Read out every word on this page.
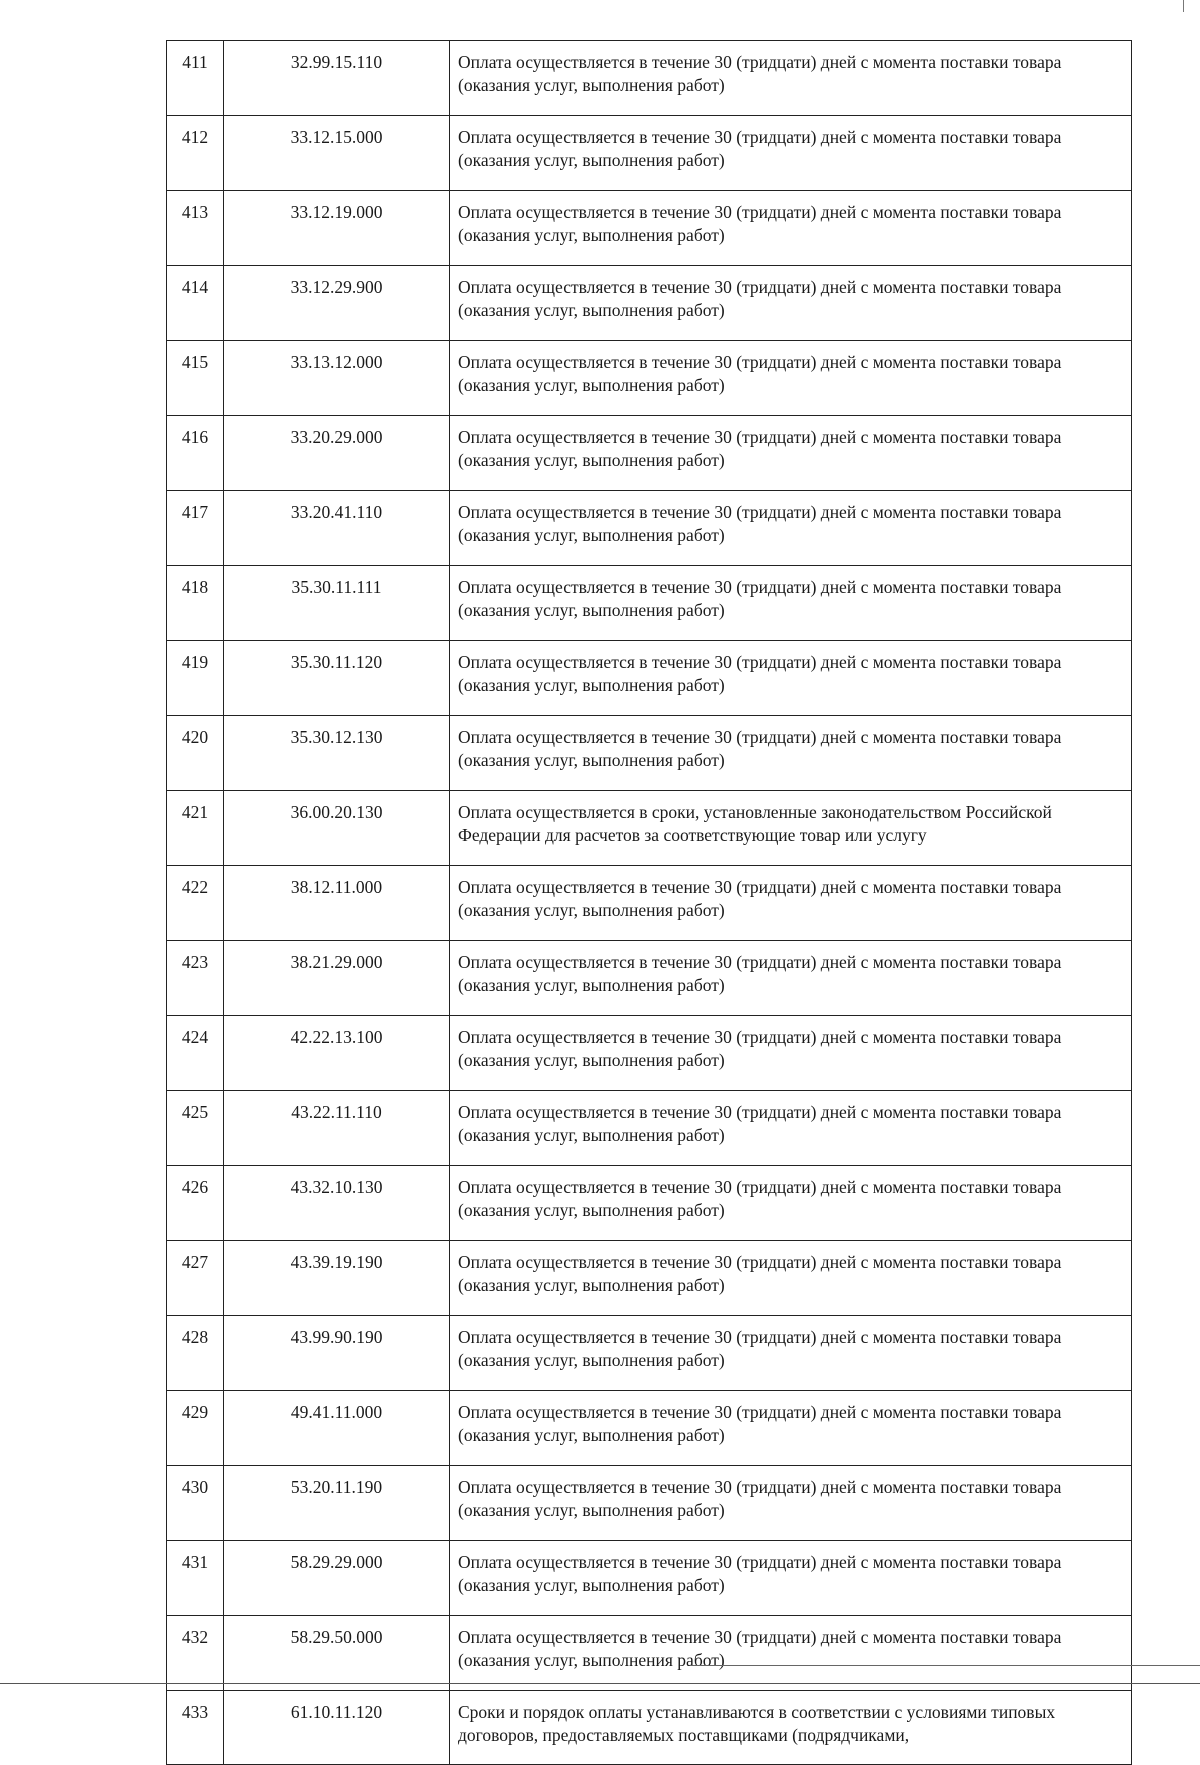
411	32.99.15.110	Оплата осуществляется в течение 30 (тридцати) дней с момента поставки товара (оказания услуг, выполнения работ)
412	33.12.15.000	Оплата осуществляется в течение 30 (тридцати) дней с момента поставки товара (оказания услуг, выполнения работ)
413	33.12.19.000	Оплата осуществляется в течение 30 (тридцати) дней с момента поставки товара (оказания услуг, выполнения работ)
414	33.12.29.900	Оплата осуществляется в течение 30 (тридцати) дней с момента поставки товара (оказания услуг, выполнения работ)
415	33.13.12.000	Оплата осуществляется в течение 30 (тридцати) дней с момента поставки товара (оказания услуг, выполнения работ)
416	33.20.29.000	Оплата осуществляется в течение 30 (тридцати) дней с момента поставки товара (оказания услуг, выполнения работ)
417	33.20.41.110	Оплата осуществляется в течение 30 (тридцати) дней с момента поставки товара (оказания услуг, выполнения работ)
418	35.30.11.111	Оплата осуществляется в течение 30 (тридцати) дней с момента поставки товара (оказания услуг, выполнения работ)
419	35.30.11.120	Оплата осуществляется в течение 30 (тридцати) дней с момента поставки товара (оказания услуг, выполнения работ)
420	35.30.12.130	Оплата осуществляется в течение 30 (тридцати) дней с момента поставки товара (оказания услуг, выполнения работ)
421	36.00.20.130	Оплата осуществляется в сроки, установленные законодательством Российской Федерации для расчетов за соответствующие товар или услугу
422	38.12.11.000	Оплата осуществляется в течение 30 (тридцати) дней с момента поставки товара (оказания услуг, выполнения работ)
423	38.21.29.000	Оплата осуществляется в течение 30 (тридцати) дней с момента поставки товара (оказания услуг, выполнения работ)
424	42.22.13.100	Оплата осуществляется в течение 30 (тридцати) дней с момента поставки товара (оказания услуг, выполнения работ)
425	43.22.11.110	Оплата осуществляется в течение 30 (тридцати) дней с момента поставки товара (оказания услуг, выполнения работ)
426	43.32.10.130	Оплата осуществляется в течение 30 (тридцати) дней с момента поставки товара (оказания услуг, выполнения работ)
427	43.39.19.190	Оплата осуществляется в течение 30 (тридцати) дней с момента поставки товара (оказания услуг, выполнения работ)
428	43.99.90.190	Оплата осуществляется в течение 30 (тридцати) дней с момента поставки товара (оказания услуг, выполнения работ)
429	49.41.11.000	Оплата осуществляется в течение 30 (тридцати) дней с момента поставки товара (оказания услуг, выполнения работ)
430	53.20.11.190	Оплата осуществляется в течение 30 (тридцати) дней с момента поставки товара (оказания услуг, выполнения работ)
431	58.29.29.000	Оплата осуществляется в течение 30 (тридцати) дней с момента поставки товара (оказания услуг, выполнения работ)
432	58.29.50.000	Оплата осуществляется в течение 30 (тридцати) дней с момента поставки товара (оказания услуг, выполнения работ)
433	61.10.11.120	Сроки и порядок оплаты устанавливаются в соответствии с условиями типовых договоров, предоставляемых поставщиками (подрядчиками,
